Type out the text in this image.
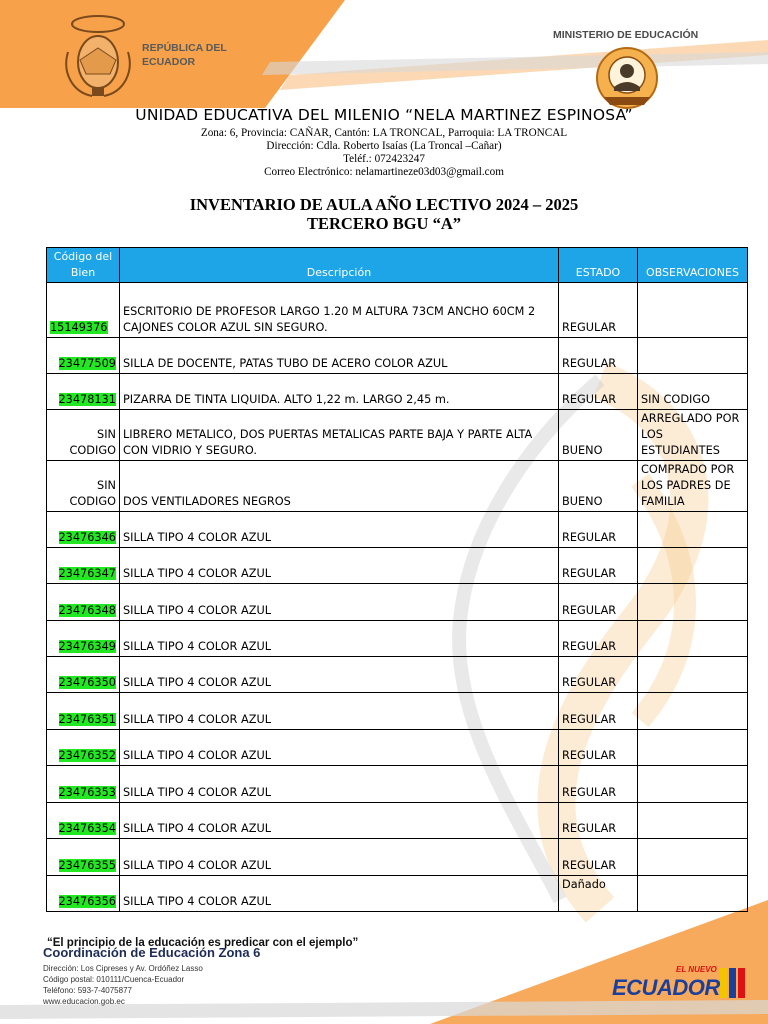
REPÚBLICA DEL
ECUADOR
MINISTERIO DE EDUCACIÓN
UNIDAD EDUCATIVA DEL MILENIO “NELA MARTINEZ ESPINOSA”
Zona: 6, Provincia: CAÑAR, Cantón: LA TRONCAL, Parroquia: LA TRONCAL
Dirección: Cdla. Roberto Isaías (La Troncal –Cañar)
Teléf.: 072423247
Correo Electrónico: nelamartineze03d03@gmail.com
INVENTARIO DE AULA AÑO LECTIVO 2024 – 2025
TERCERO BGU “A”
Código del Bien	Descripción	ESTADO	OBSERVACIONES
15149376	ESCRITORIO DE PROFESOR LARGO 1.20 M ALTURA 73CM ANCHO 60CM 2 CAJONES COLOR AZUL SIN SEGURO.	REGULAR	
23477509	SILLA DE DOCENTE, PATAS TUBO DE ACERO COLOR AZUL	REGULAR	
23478131	PIZARRA DE TINTA LIQUIDA. ALTO 1,22 m. LARGO 2,45 m.	REGULAR	SIN CODIGO
SIN CODIGO	LIBRERO METALICO, DOS PUERTAS METALICAS PARTE BAJA Y PARTE ALTA CON VIDRIO Y SEGURO.	BUENO	ARREGLADO POR LOS ESTUDIANTES
SIN CODIGO	DOS VENTILADORES NEGROS	BUENO	COMPRADO POR LOS PADRES DE FAMILIA
23476346	SILLA TIPO 4 COLOR AZUL	REGULAR	
23476347	SILLA TIPO 4 COLOR AZUL	REGULAR	
23476348	SILLA TIPO 4 COLOR AZUL	REGULAR	
23476349	SILLA TIPO 4 COLOR AZUL	REGULAR	
23476350	SILLA TIPO 4 COLOR AZUL	REGULAR	
23476351	SILLA TIPO 4 COLOR AZUL	REGULAR	
23476352	SILLA TIPO 4 COLOR AZUL	REGULAR	
23476353	SILLA TIPO 4 COLOR AZUL	REGULAR	
23476354	SILLA TIPO 4 COLOR AZUL	REGULAR	
23476355	SILLA TIPO 4 COLOR AZUL	REGULAR	
23476356	SILLA TIPO 4 COLOR AZUL	Dañado	
“El principio de la educación es predicar con el ejemplo”
Coordinación de Educación Zona 6
Dirección: Los Cipreses y Av. Ordóñez Lasso
Código postal: 010111/Cuenca-Ecuador
Teléfono: 593-7-4075877
www.educacion.gob.ec
EL NUEVO
ECUADOR
